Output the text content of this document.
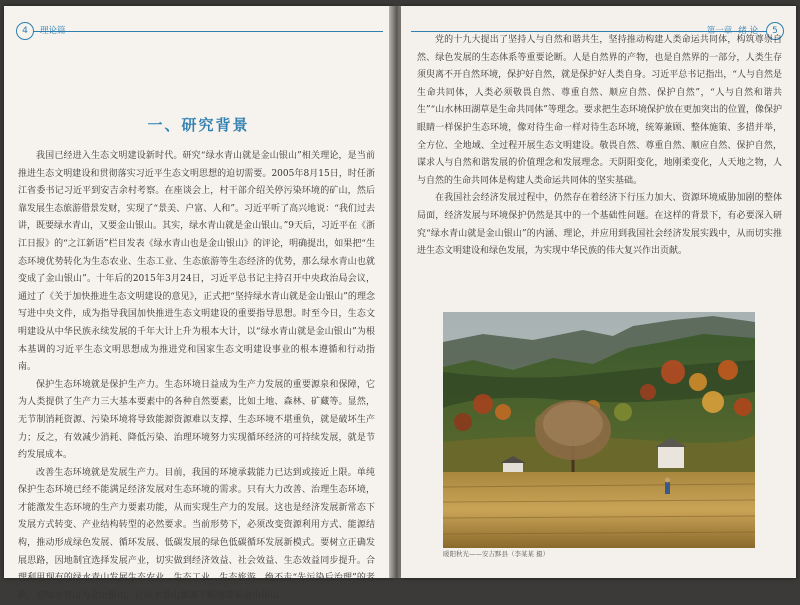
4	理论篇
一、研究背景

我国已经进入生态文明建设新时代。研究“绿水青山就是金山银山”相关理论，是当前推进生态文明建设和贯彻落实习近平生态文明思想的迫切需要。2005年8月15日，时任浙江省委书记习近平到安吉余村考察。在座谈会上，村干部介绍关停污染环境的矿山，然后靠发展生态旅游借景发财，实现了“景美、户富、人和”。习近平听了高兴地说：“我们过去讲，既要绿水青山，又要金山银山。其实，绿水青山就是金山银山。”9天后，习近平在《浙江日报》的“之江新语”栏目发表《绿水青山也是金山银山》的评论，明确提出，如果把“生态环境优势转化为生态农业、生态工业、生态旅游等生态经济的优势，那么绿水青山也就变成了金山银山”。十年后的2015年3月24日，习近平总书记主持召开中央政治局会议，通过了《关于加快推进生态文明建设的意见》，正式把“坚持绿水青山就是金山银山”的理念写进中央文件，成为指导我国加快推进生态文明建设的重要指导思想。时至今日，生态文明建设从中华民族永续发展的千年大计上升为根本大计，以“绿水青山就是金山银山”为根本基调的习近平生态文明思想成为推进党和国家生态文明建设事业的根本遵循和行动指南。

保护生态环境就是保护生产力。生态环境日益成为生产力发展的重要源泉和保障，它为人类提供了生产力三大基本要素中的各种自然要素，比如土地、森林、矿藏等。显然，无节制消耗资源、污染环境将导致能源资源难以支撑、生态环境不堪重负，就是破坏生产力；反之，有效减少消耗、降低污染、治理环境努力实现循环经济的可持续发展，就是节约发展成本。

改善生态环境就是发展生产力。目前，我国的环境承载能力已达到或接近上限。单纯保护生态环境已经不能满足经济发展对生态环境的需求。只有大力改善、治理生态环境，才能激发生态环境的生产力要素功能，从而实现生产力的发展。这也是经济发展新常态下发展方式转变、产业结构转型的必然要求。当前形势下，必须改变资源利用方式、能源结构，推动形成绿色发展、循环发展、低碳发展的绿色低碳循环发展新模式。要树立正确发展思路，因地制宜选择发展产业，切实做到经济效益、社会效益、生态效益同步提升。合理利用现有的绿水青山发展生态农业、生态工业、生态旅游，绝不走“先污染后治理”的老路，变绿水青山为金山银山，让绿水青山源源不断地带来金山银山。

5
第一章 绪 论

党的十九大提出了坚持人与自然和谐共生，坚持推动构建人类命运共同体，构筑尊崇自然、绿色发展的生态体系等重要论断。人是自然界的产物，也是自然界的一部分，人类生存须臾离不开自然环境，保护好自然，就是保护好人类自身。习近平总书记指出，“人与自然是生命共同体，人类必须敬畏自然、尊重自然、顺应自然、保护自然”，“人与自然和谐共生”“山水林田湖草是生命共同体”等理念。要求把生态环境保护放在更加突出的位置，像保护眼睛一样保护生态环境，像对待生命一样对待生态环境，统筹兼顾、整体施策、多措并举，全方位、全地域、全过程开展生态文明建设。敬畏自然、尊重自然、顺应自然、保护自然，谋求人与自然和谐发展的价值理念和发展理念。天阴阳变化，地刚柔变化，人天地之物，人与自然的生命共同体是构建人类命运共同体的坚实基础。

在我国社会经济发展过程中，仍然存在着经济下行压力加大、资源环境威胁加剧的整体局面，经济发展与环境保护仍然是其中的一个基础性问题。在这样的背景下，有必要深入研究“绿水青山就是金山银山”的内涵、理论，并应用到我国社会经济发展实践中，从而切实推进生态文明建设和绿色发展，为实现中华民族的伟大复兴作出贡献。

暖阳秋光——安吉黟县（李某某 摄）
